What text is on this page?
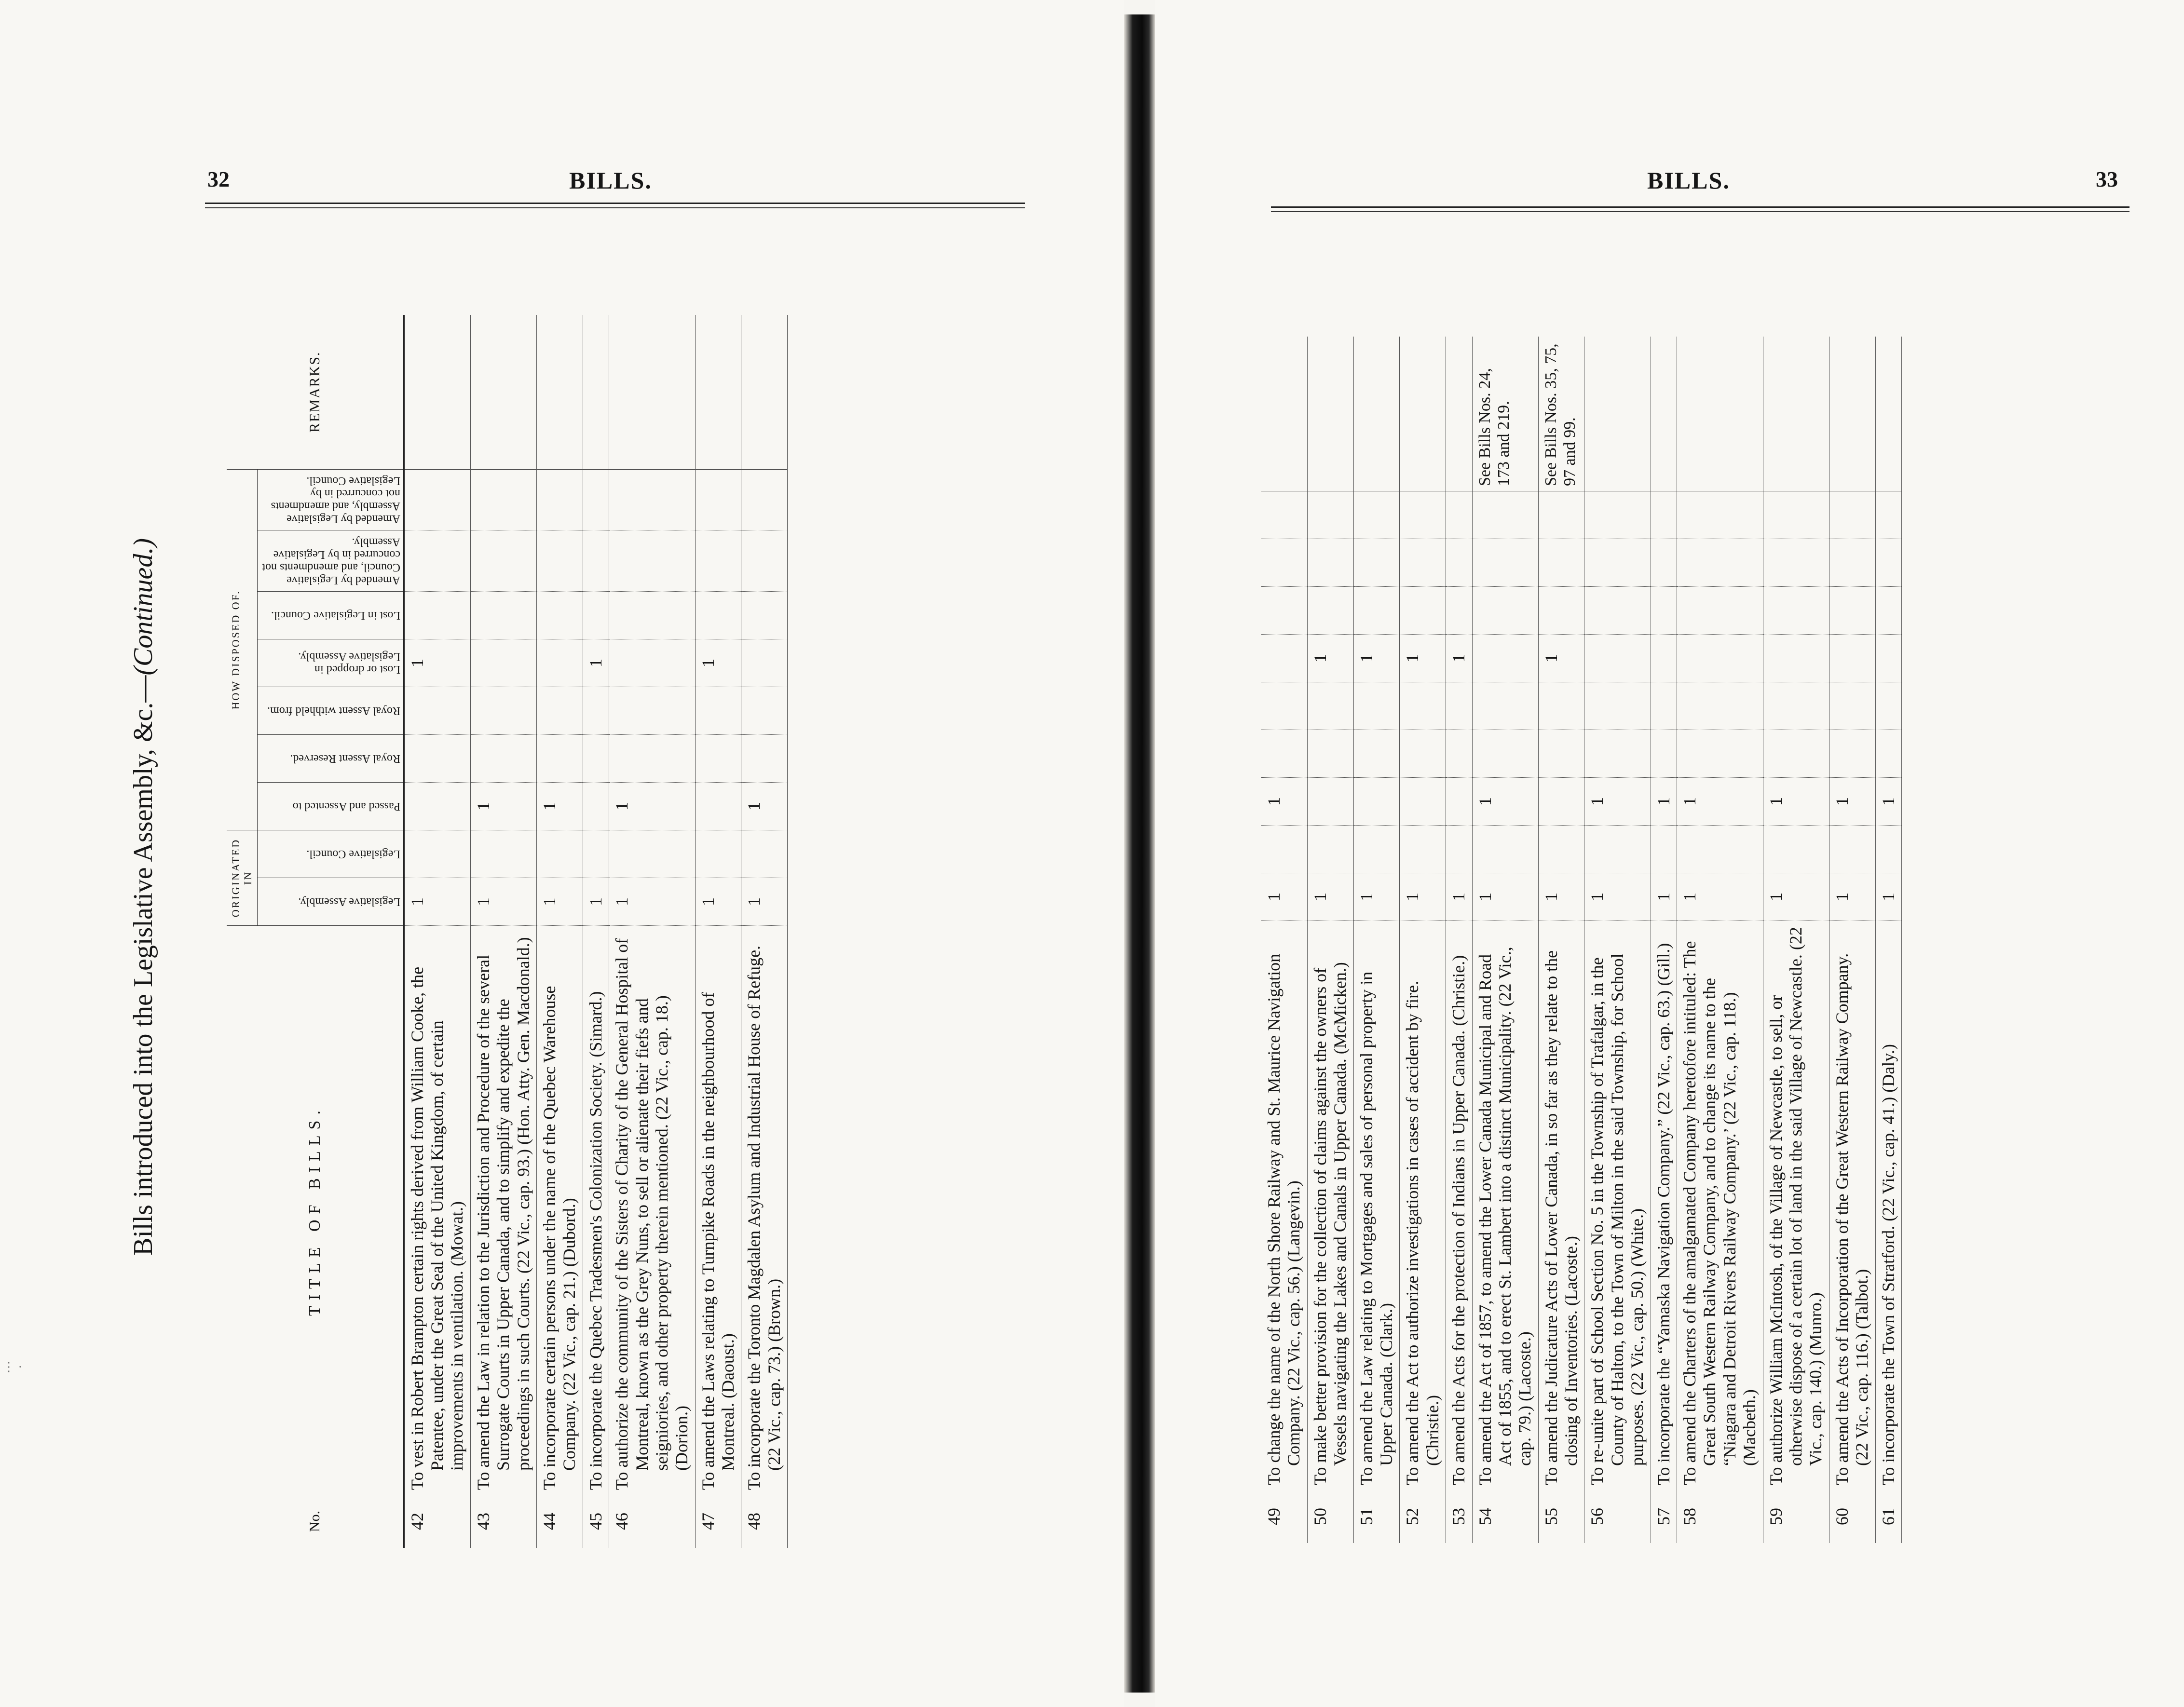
32	BILLS.
Bills introduced into the Legislative Assembly, &c.—(Continued.)
No.	TITLE OF BILLS.	ORIGINATED IN		HOW DISPOSED OF.							REMARKS.

		Legislative Assembly.	Legislative Council.	Passed and Assented to	Royal Assent Reserved.	Royal Assent withheld from.	Lost or dropped in Legislative Assembly.	Lost in Legislative Council.	Amended by Legislative Council, and amendments not concurred in by Legislative Assembly.	Amended by Legislative Assembly, and amendments not concurred in by Legislative Council.	

42	To vest in Robert Brampton certain rights derived from William Cooke, the Patentee, under the Great Seal of the United Kingdom, of certain improvements in ventilation. (Mowat.)	1					1				
43	To amend the Law in relation to the Jurisdiction and Procedure of the several Surrogate Courts in Upper Canada, and to simplify and expedite the proceedings in such Courts. (22 Vic., cap. 93.) (Hon. Atty. Gen. Macdonald.)	1		1							
44	To incorporate certain persons under the name of the Quebec Warehouse Company. (22 Vic., cap. 21.) (Dubord.)	1		1							
45	To incorporate the Quebec Tradesmen's Colonization Society. (Simard.)	1					1				
46	To authorize the community of the Sisters of Charity of the General Hospital of Montreal, known as the Grey Nuns, to sell or alienate their fiefs and seigniories, and other property therein mentioned. (22 Vic., cap. 18.) (Dorion.)	1		1							
47	To amend the Laws relating to Turnpike Roads in the neighbourhood of Montreal. (Daoust.)	1					1				
48	To incorporate the Toronto Magdalen Asylum and Industrial House of Refuge. (22 Vic., cap. 73.) (Brown.)	1		1							
⋮ ·
BILLS.	33
49	To change the name of the North Shore Railway and St. Maurice Navigation Company. (22 Vic., cap. 56.) (Langevin.)	1		1							
50	To make better provision for the collection of claims against the owners of Vessels navigating the Lakes and Canals in Upper Canada. (McMicken.)	1					1				
51	To amend the Law relating to Mortgages and sales of personal property in Upper Canada. (Clark.)	1					1				
52	To amend the Act to authorize investigations in cases of accident by fire. (Christie.)	1					1				
53	To amend the Acts for the protection of Indians in Upper Canada. (Christie.)	1					1				
54	To amend the Act of 1857, to amend the Lower Canada Municipal and Road Act of 1855, and to erect St. Lambert into a distinct Municipality. (22 Vic., cap. 79.) (Lacoste.)	1		1							See Bills Nos. 24, 173 and 219.
55	To amend the Judicature Acts of Lower Canada, in so far as they relate to the closing of Inventories. (Lacoste.)	1					1				See Bills Nos. 35, 75, 97 and 99.
56	To re-unite part of School Section No. 5 in the Township of Trafalgar, in the County of Halton, to the Town of Milton in the said Township, for School purposes. (22 Vic., cap. 50.) (White.)	1		1							
57	To incorporate the “Yamaska Navigation Company.” (22 Vic., cap. 63.) (Gill.)	1		1							
58	To amend the Charters of the amalgamated Company heretofore intituled: The Great South Western Railway Company, and to change its name to the “Niagara and Detroit Rivers Railway Company.’ (22 Vic., cap. 118.) (Macbeth.)	1		1							
59	To authorize William McIntosh, of the Village of Newcastle, to sell, or otherwise dispose of a certain lot of land in the said Village of Newcastle. (22 Vic., cap. 140.) (Munro.)	1		1							
60	To amend the Acts of Incorporation of the Great Western Railway Company. (22 Vic., cap. 116.) (Talbot.)	1		1							
61	To incorporate the Town of Stratford. (22 Vic., cap. 41.) (Daly.)	1		1							
